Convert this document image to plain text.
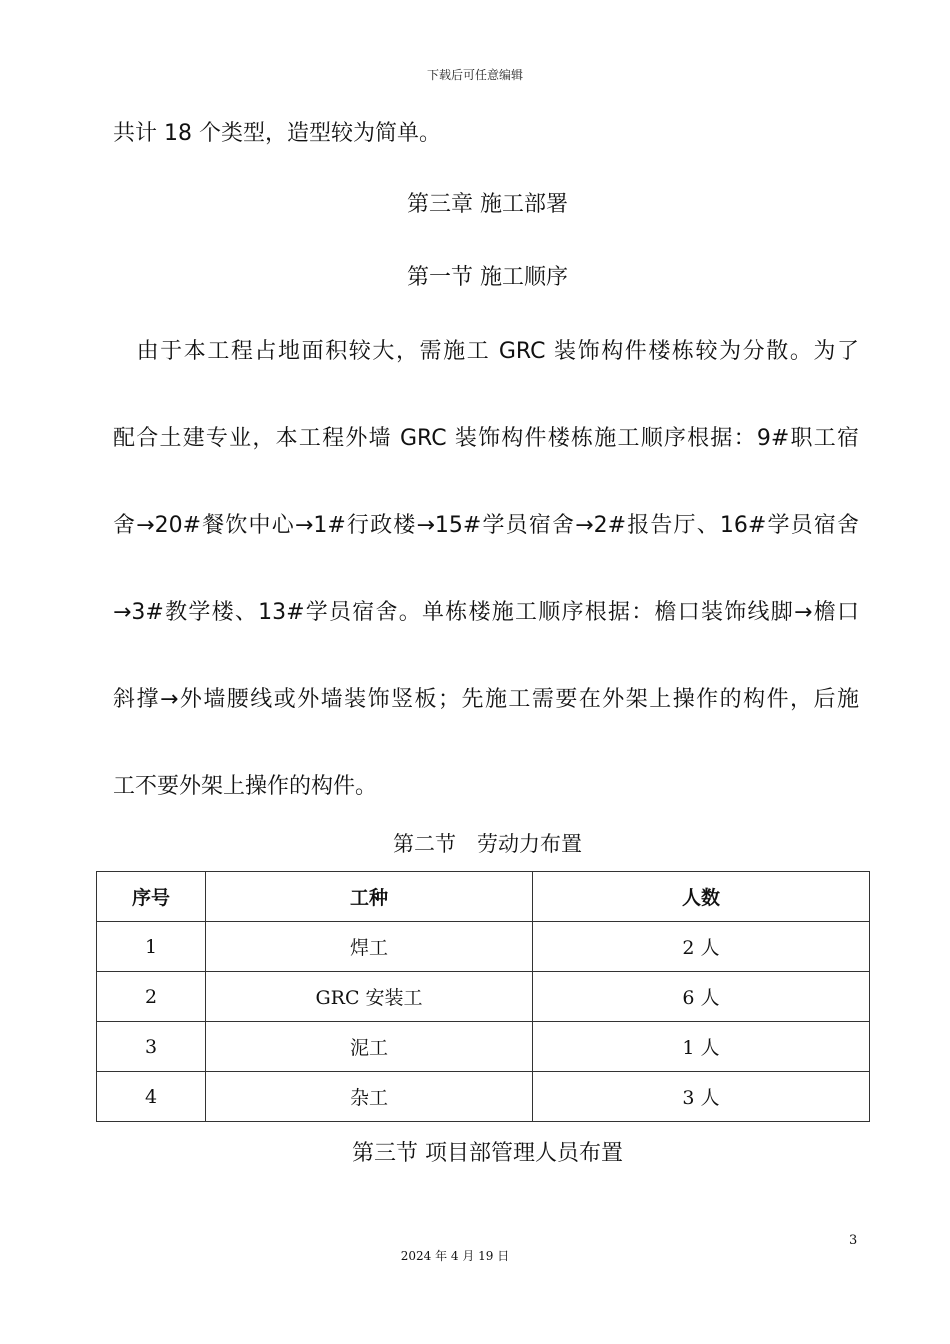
下载后可任意编辑
共计 18 个类型，造型较为简单。
第三章 施工部署
第一节 施工顺序
　由于本工程占地面积较大，需施工 GRC 装饰构件楼栋较为分散。为了
配合土建专业，本工程外墙 GRC 装饰构件楼栋施工顺序根据：9#职工宿
舍→20#餐饮中心→1#行政楼→15#学员宿舍→2#报告厅、16#学员宿舍
→3#教学楼、13#学员宿舍。单栋楼施工顺序根据：檐口装饰线脚→檐口
斜撑→外墙腰线或外墙装饰竖板；先施工需要在外架上操作的构件，后施
工不要外架上操作的构件。
第二节　劳动力布置
序号	工种	人数
1	焊工	2 人
2	GRC 安装工	6 人
3	泥工	1 人
4	杂工	3 人
第三节 项目部管理人员布置
3
2024 年 4 月 19 日
